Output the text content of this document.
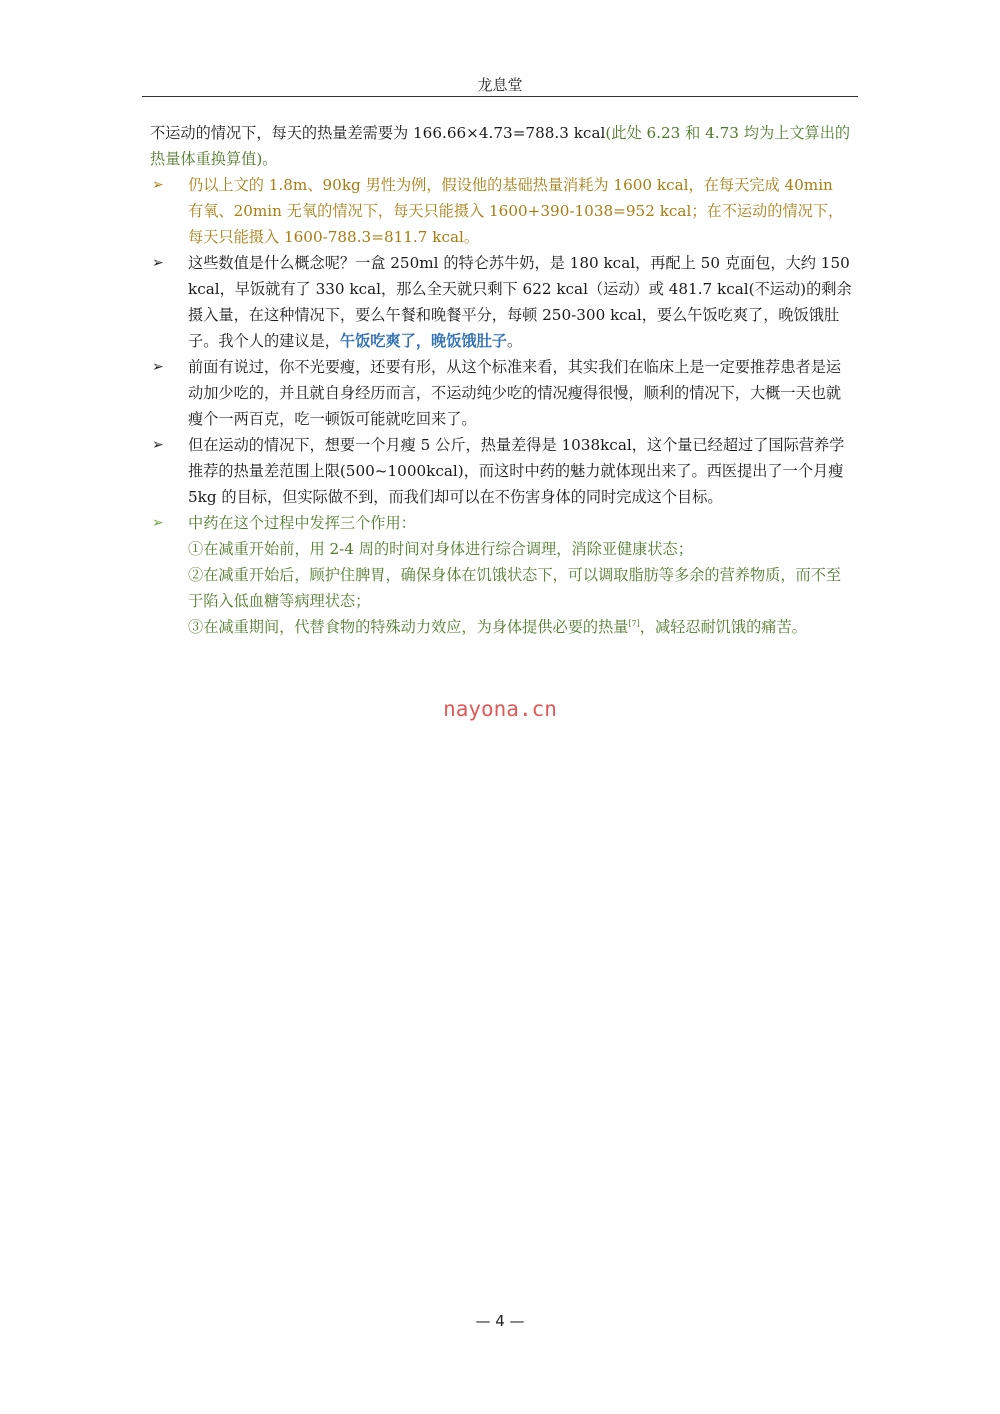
龙息堂

不运动的情况下，每天的热量差需要为 166.66×4.73=788.3 kcal(此处 6.23 和 4.73 均为上文算出的热量体重换算值)。

➢ 仍以上文的 1.8m、90kg 男性为例，假设他的基础热量消耗为 1600 kcal，在每天完成 40min 有氧、20min 无氧的情况下，每天只能摄入 1600+390-1038=952 kcal；在不运动的情况下，每天只能摄入 1600-788.3=811.7 kcal。

➢ 这些数值是什么概念呢？一盒 250ml 的特仑苏牛奶，是 180 kcal，再配上 50 克面包，大约 150 kcal，早饭就有了 330 kcal，那么全天就只剩下 622 kcal（运动）或 481.7 kcal(不运动)的剩余摄入量，在这种情况下，要么午餐和晚餐平分，每顿 250-300 kcal，要么午饭吃爽了，晚饭饿肚子。我个人的建议是，午饭吃爽了，晚饭饿肚子。

➢ 前面有说过，你不光要瘦，还要有形，从这个标准来看，其实我们在临床上是一定要推荐患者是运动加少吃的，并且就自身经历而言，不运动纯少吃的情况瘦得很慢，顺利的情况下，大概一天也就瘦个一两百克，吃一顿饭可能就吃回来了。

➢ 但在运动的情况下，想要一个月瘦 5 公斤，热量差得是 1038kcal，这个量已经超过了国际营养学推荐的热量差范围上限(500~1000kcal)，而这时中药的魅力就体现出来了。西医提出了一个月瘦 5kg 的目标，但实际做不到，而我们却可以在不伤害身体的同时完成这个目标。

➢ 中药在这个过程中发挥三个作用：
①在减重开始前，用 2-4 周的时间对身体进行综合调理，消除亚健康状态；
②在减重开始后，顾护住脾胃，确保身体在饥饿状态下，可以调取脂肪等多余的营养物质，而不至于陷入低血糖等病理状态；
③在减重期间，代替食物的特殊动力效应，为身体提供必要的热量[7]，减轻忍耐饥饿的痛苦。
nayona.cn
— 4 —
